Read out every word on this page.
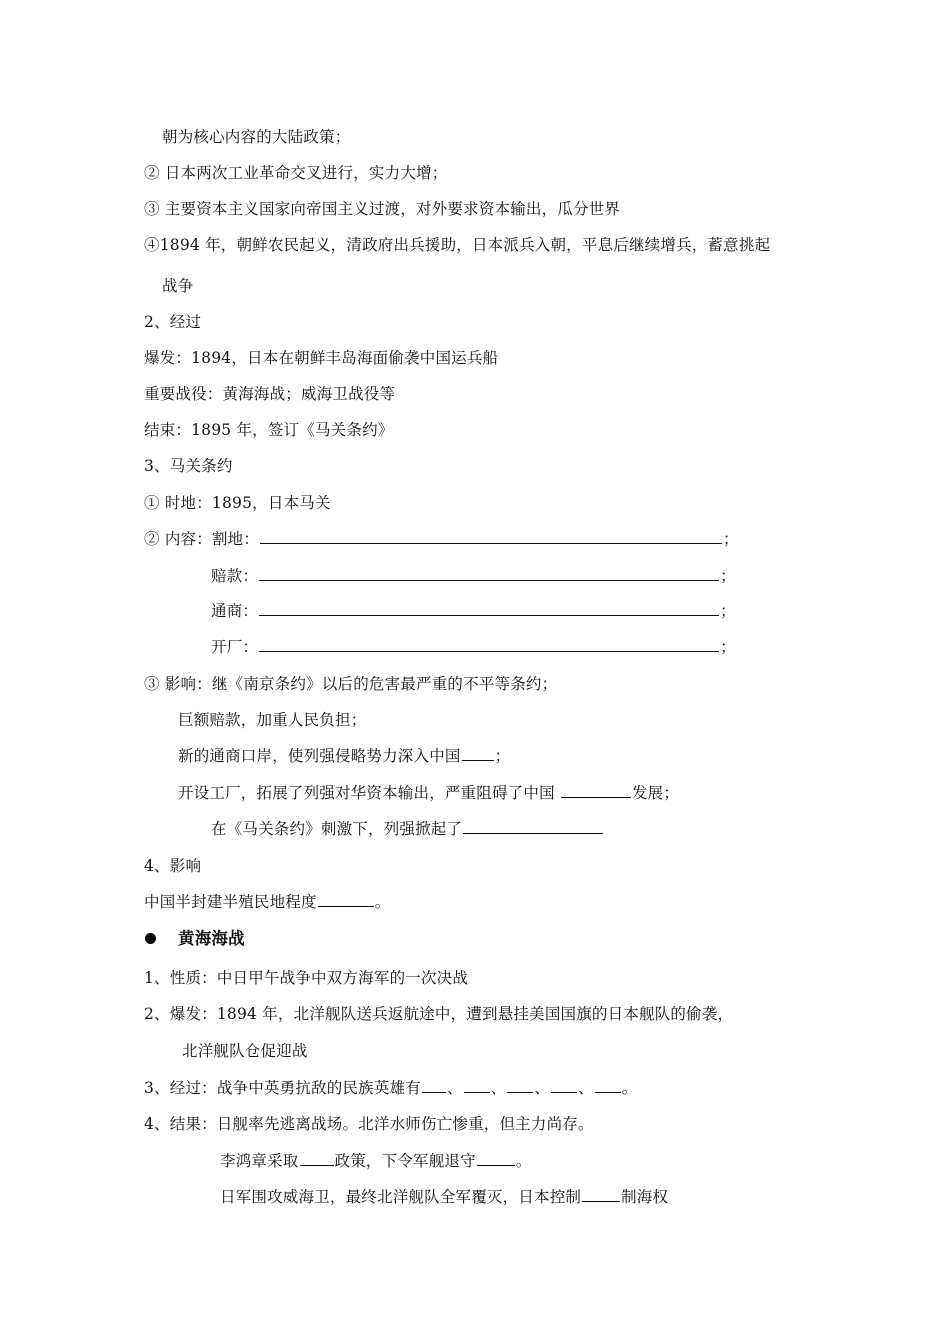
朝为核心内容的大陆政策；
② 日本两次工业革命交叉进行，实力大增；
③ 主要资本主义国家向帝国主义过渡，对外要求资本输出，瓜分世界
④1894 年，朝鲜农民起义，清政府出兵援助，日本派兵入朝，平息后继续增兵，蓄意挑起
战争
2、经过
爆发：1894，日本在朝鲜丰岛海面偷袭中国运兵船
重要战役：黄海海战；威海卫战役等
结束：1895 年，签订《马关条约》
3、马关条约
① 时地：1895，日本马关
② 内容：割地：	；
赔款：	；
通商：	；
开厂：	；
③ 影响：继《南京条约》以后的危害最严重的不平等条约；
巨额赔款，加重人民负担；
新的通商口岸，使列强侵略势力深入中国 ；
开设工厂，拓展了列强对华资本输出，严重阻碍了中国	发展；
在《马关条约》刺激下，列强掀起了
4、影响
中国半封建半殖民地程度	。
黄海海战
1、性质：中日甲午战争中双方海军的一次决战
2、爆发：1894 年，北洋舰队送兵返航途中，遭到悬挂美国国旗的日本舰队的偷袭，
北洋舰队仓促迎战
3、经过：战争中英勇抗敌的民族英雄有 、 、 、 、 。
4、结果：日舰率先逃离战场。北洋水师伤亡惨重，但主力尚存。
李鸿章采取 政策，下令军舰退守	。
日军围攻威海卫，最终北洋舰队全军覆灭，日本控制	制海权
